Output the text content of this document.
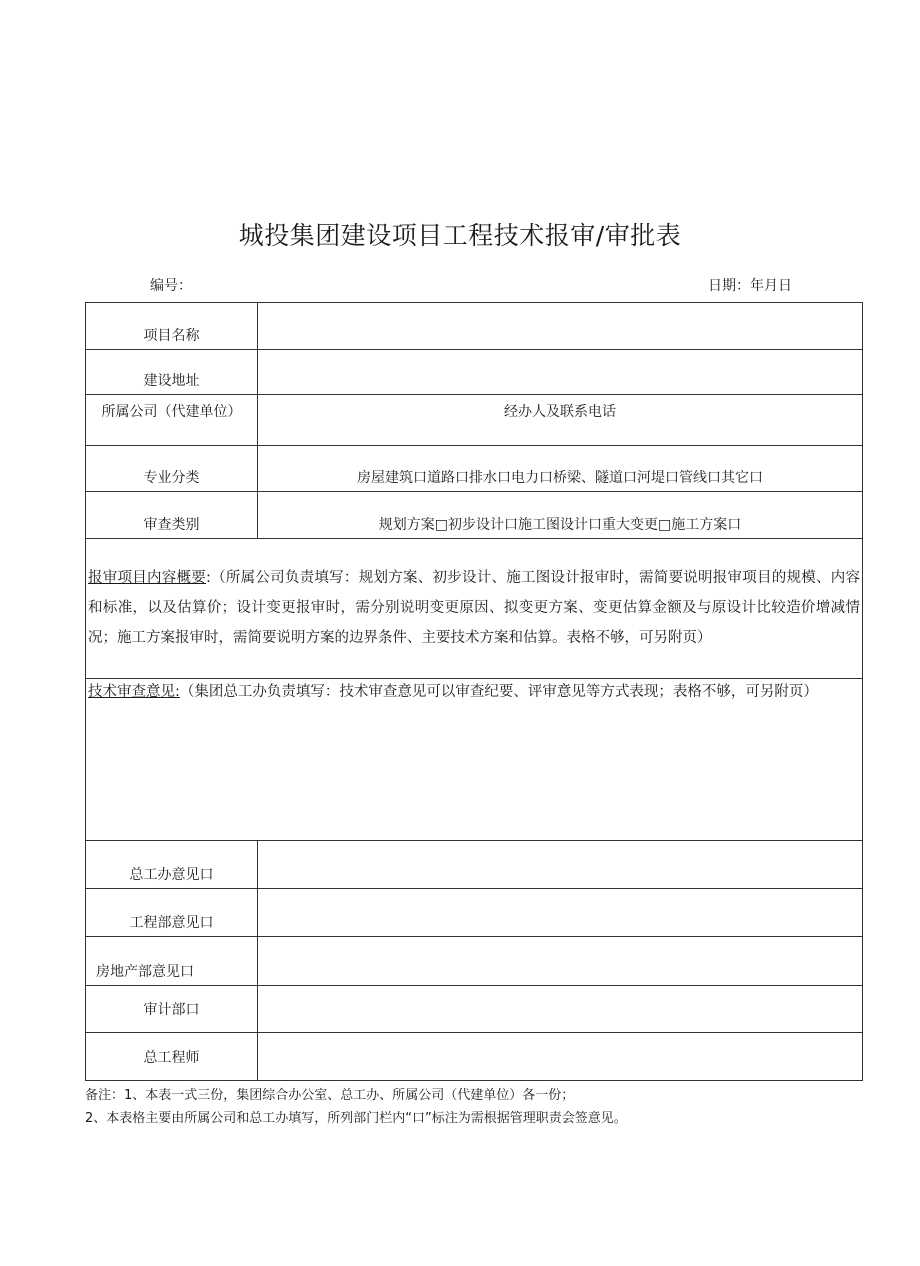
城投集团建设项目工程技术报审/审批表
编号：	日期：年月日
项目名称	
建设地址	
所属公司（代建单位）	经办人及联系电话
专业分类	房屋建筑口道路口排水口电力口桥梁、隧道口河堤口管线口其它口
审查类别	规划方案□初步设计口施工图设计口重大变更□施工方案口
报审项目内容概要:（所属公司负责填写：规划方案、初步设计、施工图设计报审时，需简要说明报审项目的规模、内容和标准，以及估算价；设计变更报审时，需分别说明变更原因、拟变更方案、变更估算金额及与原设计比较造价增减情况；施工方案报审时，需简要说明方案的边界条件、主要技术方案和估算。表格不够，可另附页）	
技术审查意见:（集团总工办负责填写：技术审查意见可以审查纪要、评审意见等方式表现；表格不够，可另附页）	
总工办意见口	
工程部意见口	
房地产部意见口	
审计部口	
总工程师	
备注：1、本表一式三份，集团综合办公室、总工办、所属公司（代建单位）各一份；
2、本表格主要由所属公司和总工办填写，所列部门栏内“口”标注为需根据管理职责会签意见。
